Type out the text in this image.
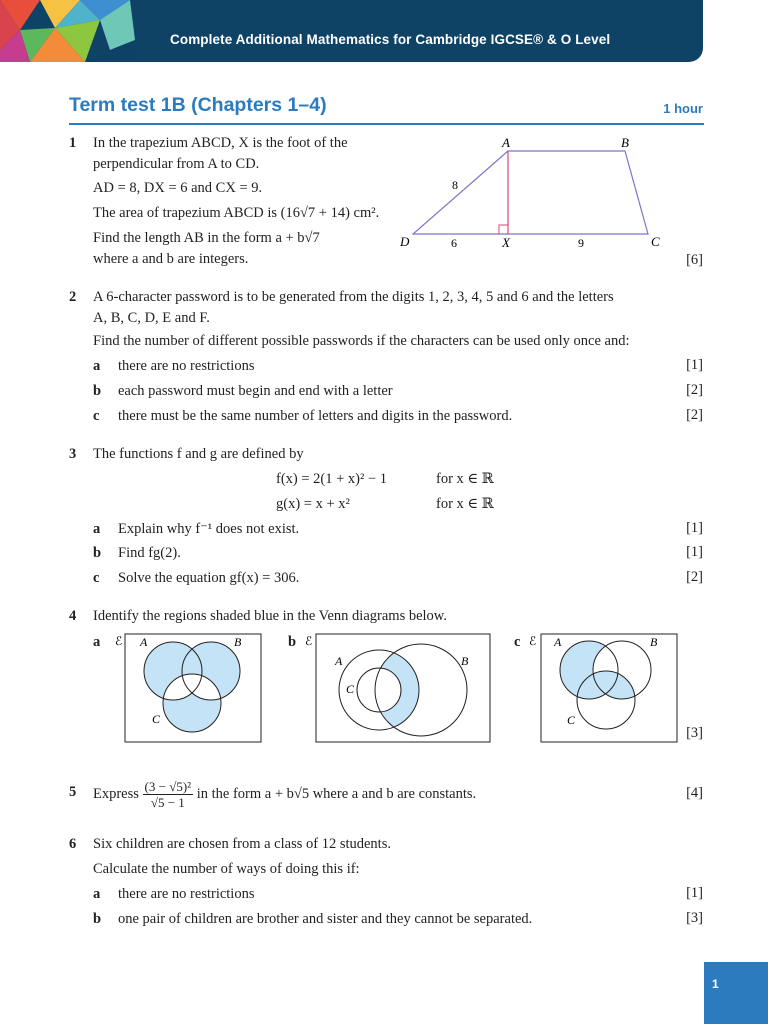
Complete Additional Mathematics for Cambridge IGCSE® & O Level
Term test 1B (Chapters 1–4)	1 hour
1 In the trapezium ABCD, X is the foot of the
perpendicular from A to CD.
AD = 8, DX = 6 and CX = 9.
The area of trapezium ABCD is (16√7 + 14) cm².
Find the length AB in the form a + b√7
where a and b are integers.	[6]
A	B
C
D	X
8
6	9
2 A 6-character password is to be generated from the digits 1, 2, 3, 4, 5 and 6 and the letters
A, B, C, D, E and F.
Find the number of different possible passwords if the characters can be used only once and:
a there are no restrictions	[1]
b each password must begin and end with a letter	[2]
c there must be the same number of letters and digits in the password.	[2]
3 The functions f and g are defined by
f(x) = 2(1 + x)² − 1	for x ∈ ℝ
g(x) = x + x²	for x ∈ ℝ
a Explain why f⁻¹ does not exist.	[1]
b Find fg(2).	[1]
c Solve the equation gf(x) = 306.	[2]
4 Identify the regions shaded blue in the Venn diagrams below.
[3]
a ℰ A	B
C
b ℰ
A	B
C
c ℰ A	B
C
5 Express
$\frac{\text{(3 − √5)²}}{√5 - 1}$
in the form a + b√5 where a and b are constants.	[4]
6 Six children are chosen from a class of 12 students.
Calculate the number of ways of doing this if:
a there are no restrictions	[1]
b one pair of children are brother and sister and they cannot be separated.	[3]
1
